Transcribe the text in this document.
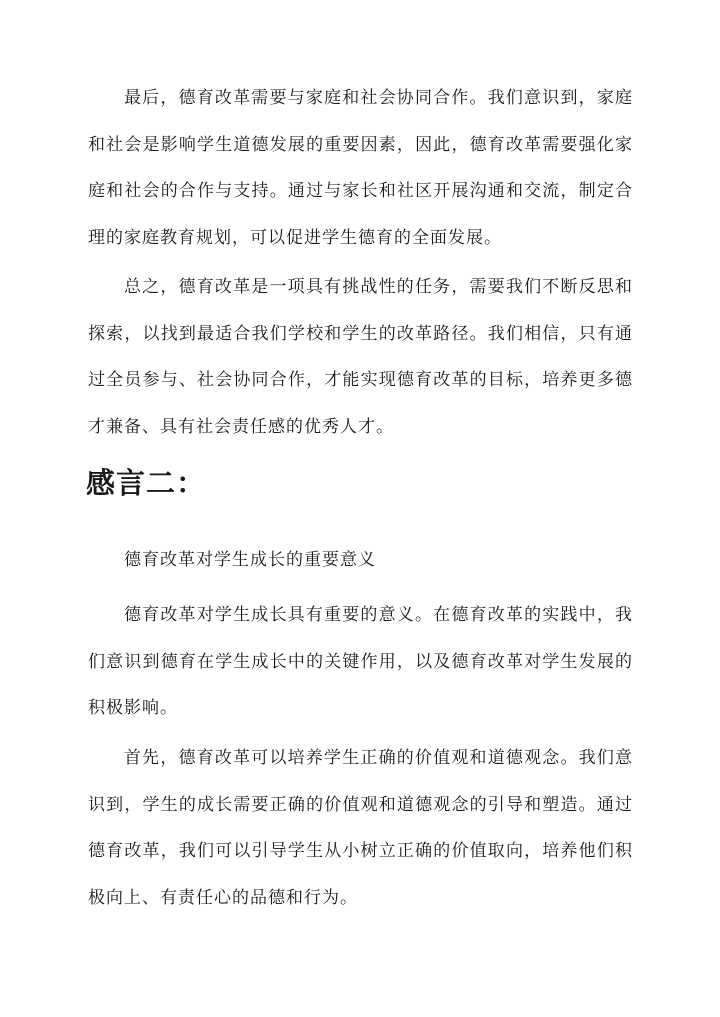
最后，德育改革需要与家庭和社会协同合作。我们意识到，家庭和社会是影响学生道德发展的重要因素，因此，德育改革需要强化家庭和社会的合作与支持。通过与家长和社区开展沟通和交流，制定合理的家庭教育规划，可以促进学生德育的全面发展。

总之，德育改革是一项具有挑战性的任务，需要我们不断反思和探索，以找到最适合我们学校和学生的改革路径。我们相信，只有通过全员参与、社会协同合作，才能实现德育改革的目标，培养更多德才兼备、具有社会责任感的优秀人才。

感言二：

德育改革对学生成长的重要意义

德育改革对学生成长具有重要的意义。在德育改革的实践中，我们意识到德育在学生成长中的关键作用，以及德育改革对学生发展的积极影响。

首先，德育改革可以培养学生正确的价值观和道德观念。我们意识到，学生的成长需要正确的价值观和道德观念的引导和塑造。通过德育改革，我们可以引导学生从小树立正确的价值取向，培养他们积极向上、有责任心的品德和行为。
